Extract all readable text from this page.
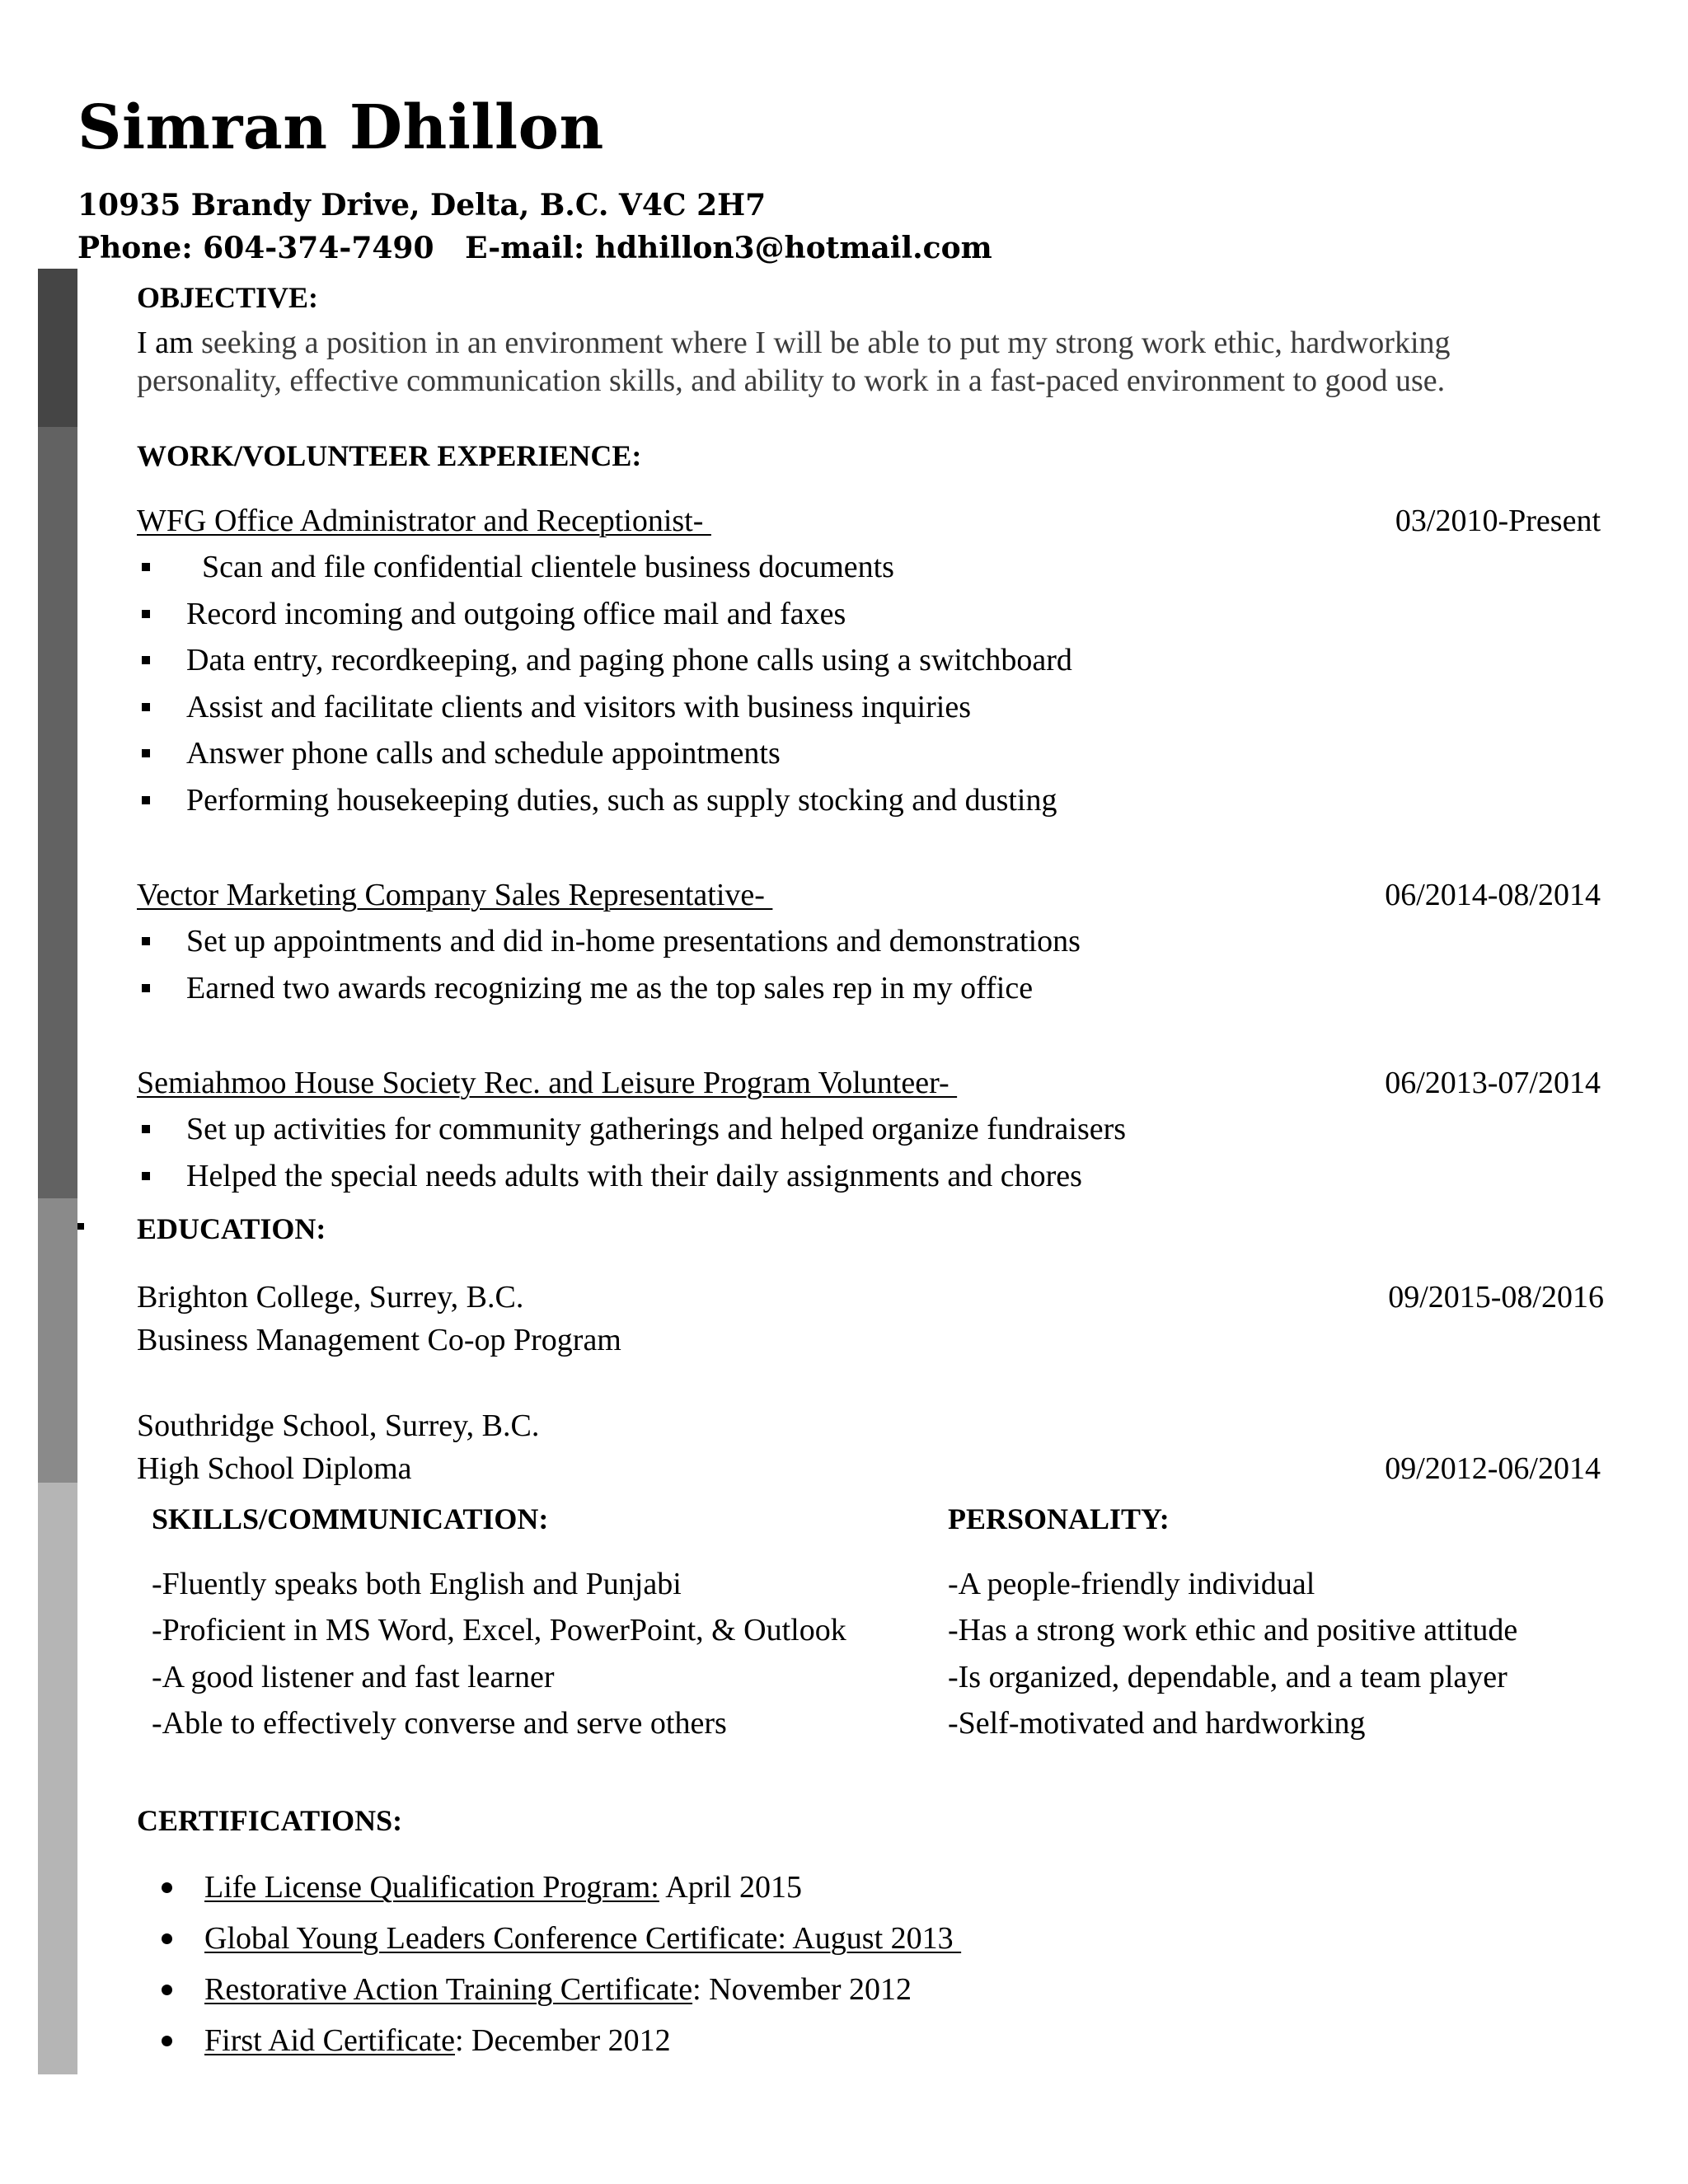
Simran Dhillon
10935 Brandy Drive, Delta, B.C. V4C 2H7
Phone: 604-374-7490   E-mail: hdhillon3@hotmail.com
OBJECTIVE:
I am seeking a position in an environment where I will be able to put my strong work ethic, hardworking
personality, effective communication skills, and ability to work in a fast-paced environment to good use.
WORK/VOLUNTEER EXPERIENCE:
WFG Office Administrator and Receptionist-	03/2010-Present
Scan and file confidential clientele business documents
Record incoming and outgoing office mail and faxes
Data entry, recordkeeping, and paging phone calls using a switchboard
Assist and facilitate clients and visitors with business inquiries
Answer phone calls and schedule appointments
Performing housekeeping duties, such as supply stocking and dusting
Vector Marketing Company Sales Representative-	06/2014-08/2014
Set up appointments and did in-home presentations and demonstrations
Earned two awards recognizing me as the top sales rep in my office
Semiahmoo House Society Rec. and Leisure Program Volunteer-	06/2013-07/2014
Set up activities for community gatherings and helped organize fundraisers
Helped the special needs adults with their daily assignments and chores
EDUCATION:
Brighton College, Surrey, B.C.	09/2015-08/2016
Business Management Co-op Program
Southridge School, Surrey, B.C.
High School Diploma	09/2012-06/2014
SKILLS/COMMUNICATION:	PERSONALITY:
-Fluently speaks both English and Punjabi
-Proficient in MS Word, Excel, PowerPoint, & Outlook
-A good listener and fast learner
-Able to effectively converse and serve others
-A people-friendly individual
-Has a strong work ethic and positive attitude
-Is organized, dependable, and a team player
-Self-motivated and hardworking
CERTIFICATIONS:
Life License Qualification Program: April 2015
Global Young Leaders Conference Certificate: August 2013
Restorative Action Training Certificate: November 2012
First Aid Certificate: December 2012
